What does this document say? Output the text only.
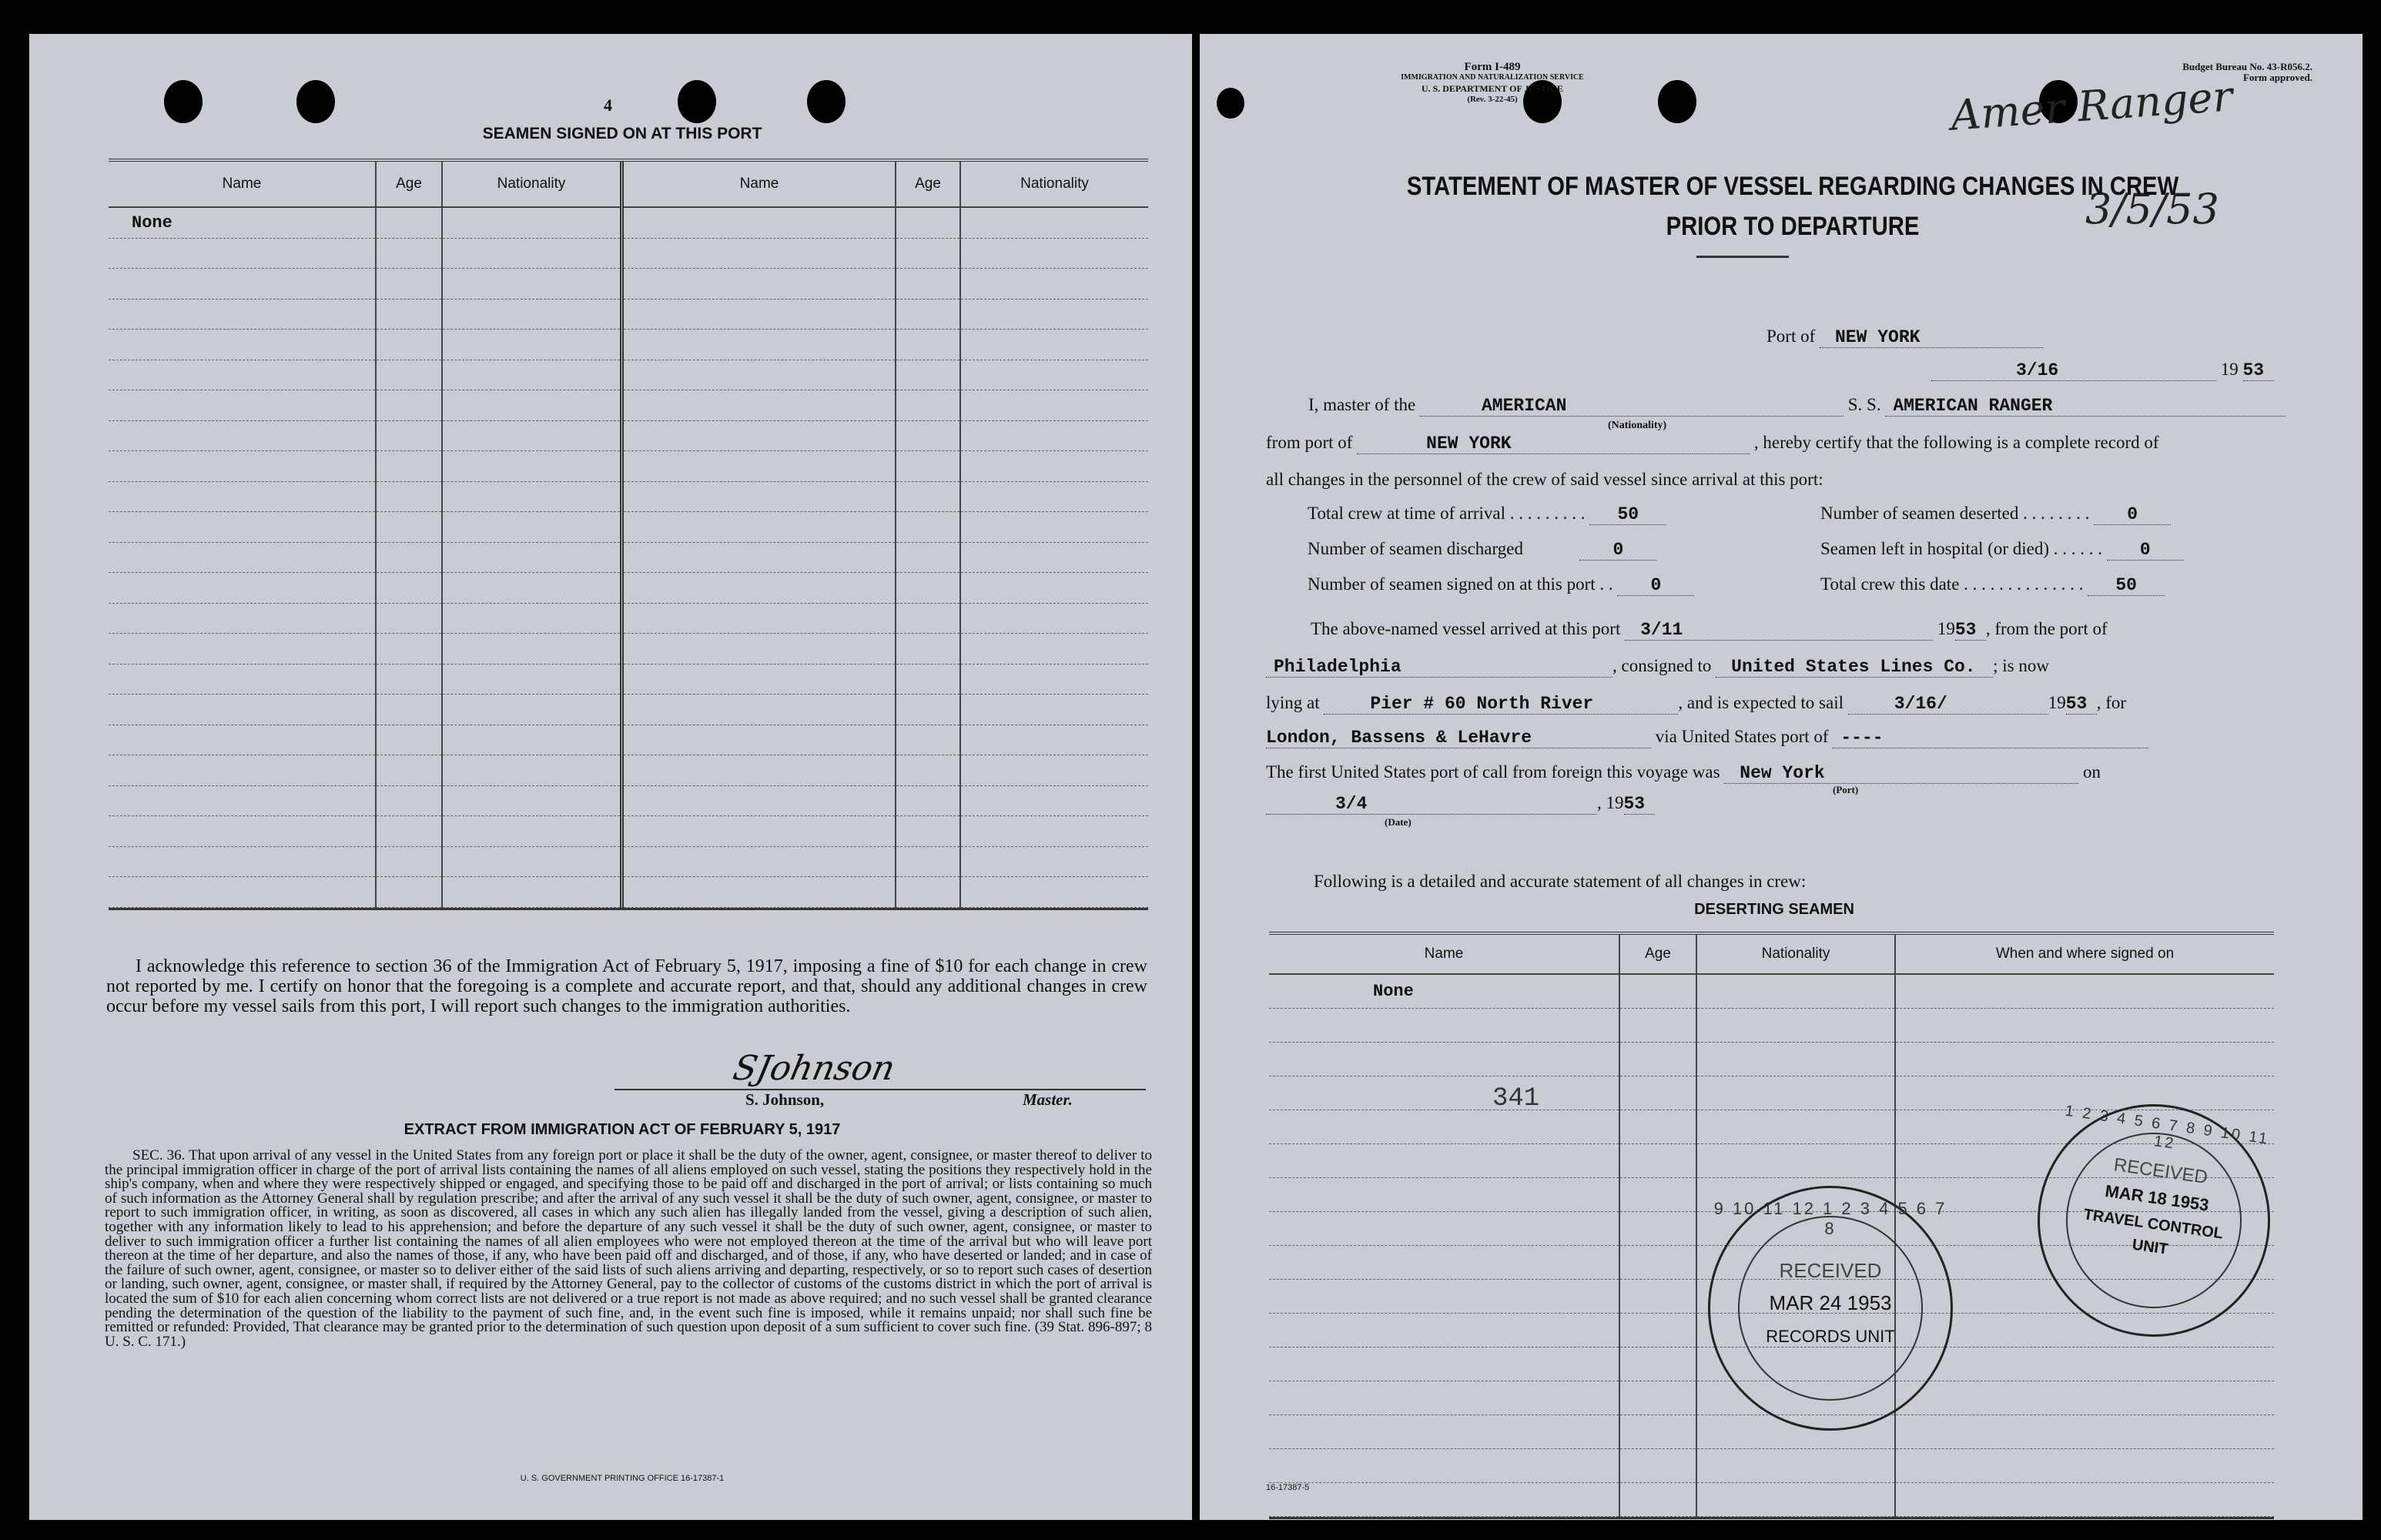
4
SEAMEN SIGNED ON AT THIS PORT
Name	Age	Nationality	Name	Age	Nationality
None					

I acknowledge this reference to section 36 of the Immigration Act of February 5, 1917, imposing a fine of $10 for each change in crew not reported by me. I certify on honor that the foregoing is a complete and accurate report, and that, should any additional changes in crew occur before my vessel sails from this port, I will report such changes to the immigration authorities.
SJohnson
S. Johnson,	Master.
EXTRACT FROM IMMIGRATION ACT OF FEBRUARY 5, 1917
SEC. 36. That upon arrival of any vessel in the United States from any foreign port or place it shall be the duty of the owner, agent, consignee, or master thereof to deliver to the principal immigration officer in charge of the port of arrival lists containing the names of all aliens employed on such vessel, stating the positions they respectively hold in the ship's company, when and where they were respectively shipped or engaged, and specifying those to be paid off and discharged in the port of arrival; or lists containing so much of such information as the Attorney General shall by regulation prescribe; and after the arrival of any such vessel it shall be the duty of such owner, agent, consignee, or master to report to such immigration officer, in writing, as soon as discovered, all cases in which any such alien has illegally landed from the vessel, giving a description of such alien, together with any information likely to lead to his apprehension; and before the departure of any such vessel it shall be the duty of such owner, agent, consignee, or master to deliver to such immigration officer a further list containing the names of all alien employees who were not employed thereon at the time of the arrival but who will leave port thereon at the time of her departure, and also the names of those, if any, who have been paid off and discharged, and of those, if any, who have deserted or landed; and in case of the failure of such owner, agent, consignee, or master so to deliver either of the said lists of such aliens arriving and departing, respectively, or so to report such cases of desertion or landing, such owner, agent, consignee, or master shall, if required by the Attorney General, pay to the collector of customs of the customs district in which the port of arrival is located the sum of $10 for each alien concerning whom correct lists are not delivered or a true report is not made as above required; and no such vessel shall be granted clearance pending the determination of the question of the liability to the payment of such fine, and, in the event such fine is imposed, while it remains unpaid; nor shall such fine be remitted or refunded: Provided, That clearance may be granted prior to the determination of such question upon deposit of a sum sufficient to cover such fine. (39 Stat. 896-897; 8 U. S. C. 171.)
U. S. GOVERNMENT PRINTING OFFICE 16-17387-1
Form I-489
IMMIGRATION AND NATURALIZATION SERVICE
U. S. DEPARTMENT OF JUSTICE
(Rev. 3-22-45)
Budget Bureau No. 43-R056.2.
Form approved.
Amer Ranger
3/5/53
STATEMENT OF MASTER OF VESSEL REGARDING CHANGES IN CREW
PRIOR TO DEPARTURE
Port of NEW YORK
3/16	19 53
I, master of the	AMERICAN	S. S. AMERICAN RANGER
(Nationality)
from port of	NEW YORK	, hereby certify that the following is a complete record of
all changes in the personnel of the crew of said vessel since arrival at this port:
Total crew at time of arrival . . . . . . . . . 50	Number of seamen deserted . . . . . . . . 0
Number of seamen discharged	0	Seamen left in hospital (or died) . . . . . . 0
Number of seamen signed on at this port . . 0	Total crew this date . . . . . . . . . . . . . . 50
The above-named vessel arrived at this port 3/11	1953 , from the port of
Philadelphia	, consigned to United States Lines Co. ; is now
lying at	Pier # 60 North River	, and is expected to sail	3/16/	1953 , for
London, Bassens & LeHavre	via United States port of ----
The first United States port of call from foreign this voyage was New York	on
(Port)
3/4	, 1953
(Date)
Following is a detailed and accurate statement of all changes in crew:
DESERTING SEAMEN
Name	Age	Nationality	When and where signed on
None			

341
9 10 11 12 1 2 3 4 5 6 7 8
RECEIVED
MAR 24 1953
RECORDS UNIT
1 2 3 4 5 6 7 8 9 10 11 12
RECEIVED
MAR 18 1953
TRAVEL CONTROL
UNIT
16-17387-5
